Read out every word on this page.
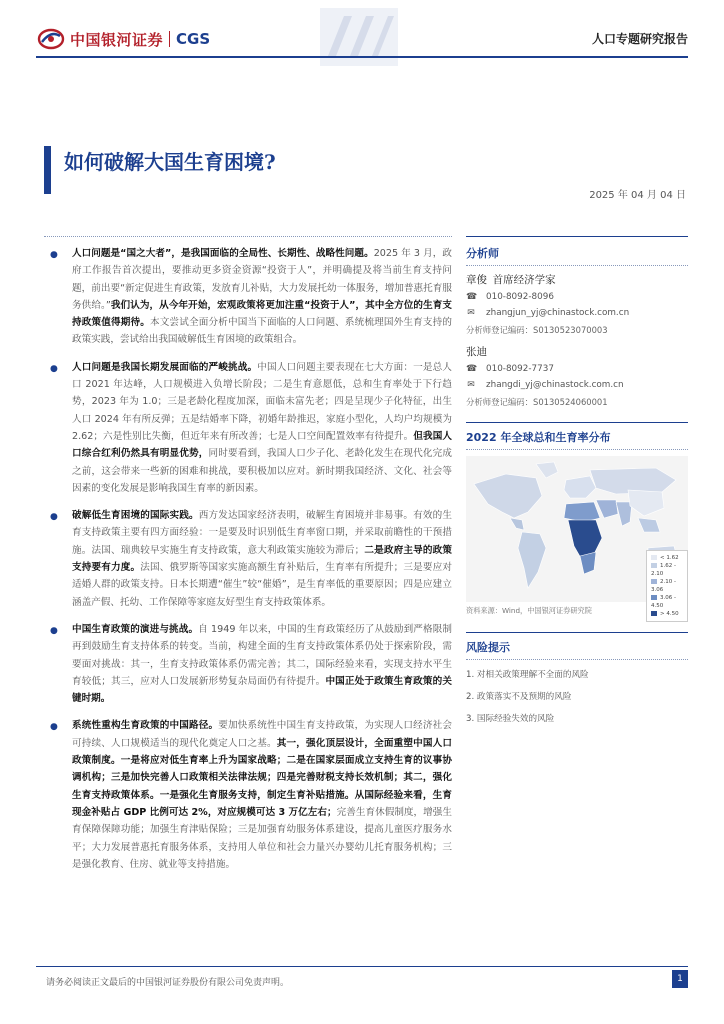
中国银河证券 CGS	人口专题研究报告
如何破解大国生育困境?
2025 年 04 月 04 日
● 人口问题是“国之大者”，是我国面临的全局性、长期性、战略性问题。2025 年 3 月，政府工作报告首次提出，要推动更多资金资源“投资于人”，并明确提及将当前生育支持问题，前出要“新定促进生育政策，发放育儿补贴，大力发展托幼一体服务，增加普惠托育服务供给。”我们认为，从今年开始，宏观政策将更加注重“投资于人”，其中全方位的生育支持政策值得期待。本文尝试全面分析中国当下面临的人口问题、系统梳理国外生育支持的政策实践，尝试给出我国破解低生育困境的政策组合。
● 人口问题是我国长期发展面临的严峻挑战。中国人口问题主要表现在七大方面：一是总人口 2021 年达峰，人口规模进入负增长阶段；二是生育意愿低，总和生育率处于下行趋势，2023 年为 1.0；三是老龄化程度加深，面临未富先老；四是呈现少子化特征，出生人口 2024 年有所反弹；五是结婚率下降，初婚年龄推迟，家庭小型化，人均户均规模为 2.62；六是性别比失衡，但近年来有所改善；七是人口空间配置效率有待提升。但我国人口综合红利仍然具有明显优势，同时要看到，我国人口少子化、老龄化发生在现代化完成之前，这会带来一些新的困难和挑战，要积极加以应对。新时期我国经济、文化、社会等因素的变化发展是影响我国生育率的新因素。
● 破解低生育困境的国际实践。西方发达国家经济表明，破解生育困境并非易事。有效的生育支持政策主要有四方面经验：一是要及时识别低生育率窗口期，并采取前瞻性的干预措施。法国、瑞典较早实施生育支持政策，意大利政策实施较为滞后；二是政府主导的政策支持要有力度。法国、俄罗斯等国家实施高额生育补贴后，生育率有所提升；三是要应对适婚人群的政策支持。日本长期遭“催生”较“催婚”，是生育率低的重要原因；四是应建立涵盖产假、托幼、工作保障等家庭友好型生育支持政策体系。
● 中国生育政策的演进与挑战。自 1949 年以来，中国的生育政策经历了从鼓励到严格限制再到鼓励生育支持体系的转变。当前，构建全面的生育支持政策体系仍处于探索阶段，需要面对挑战：其一，生育支持政策体系仍需完善；其二，国际经验来看，实现支持水平生育较低；其三，应对人口发展新形势复杂局面仍有待提升。中国正处于政策生育政策的关键时期。
● 系统性重构生育政策的中国路径。要加快系统性中国生育支持政策，为实现人口经济社会可持续、人口规模适当的现代化奠定人口之基。其一，强化顶层设计，全面重塑中国人口政策制度。一是将应对低生育率上升为国家战略；二是在国家层面成立支持生育的议事协调机构；三是加快完善人口政策相关法律法规；四是完善财税支持长效机制；其二，强化生育支持政策体系。一是强化生育服务支持，制定生育补贴措施。从国际经验来看，生育现金补贴占 GDP 比例可达 2%，对应规模可达 3 万亿左右；完善生育休假制度，增强生育保障保障功能；加强生育津贴保险；三是加强育幼服务体系建设，提高儿童医疗服务水平；大力发展普惠托育服务体系，支持用人单位和社会力量兴办婴幼儿托育服务机构；三是强化教育、住房、就业等支持措施。
分析师
章俊
首席经济学家
☎ 010-8092-8096
✉ zhangjun_yj@chinastock.com.cn
分析师登记编码：S0130523070003
张迪
☎ 010-8092-7737
✉ zhangdi_yj@chinastock.com.cn
分析师登记编码：S0130524060001
2022 年全球总和生育率分布
< 1.62
1.62 - 2.10
2.10 - 3.06
3.06 - 4.50
> 4.50
资料来源：Wind，中国银河证券研究院
风险提示
1. 对相关政策理解不全面的风险
2. 政策落实不及预期的风险
3. 国际经验失效的风险
请务必阅读正文最后的中国银河证券股份有限公司免责声明。	1
